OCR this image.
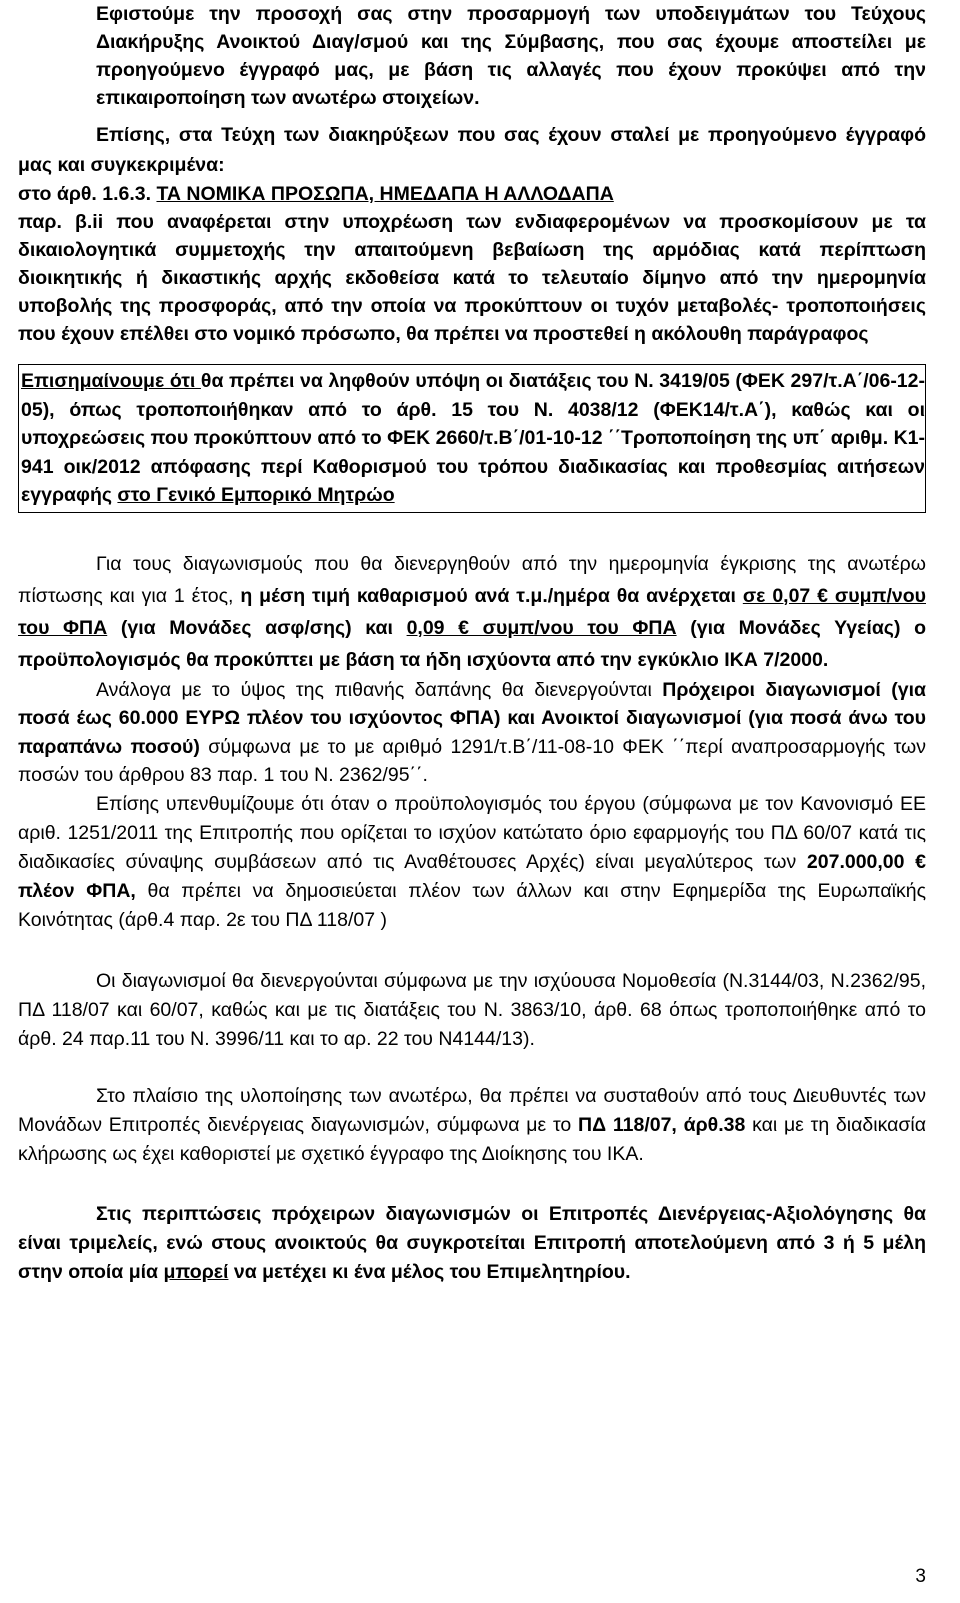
Εφιστούμε την προσοχή σας στην προσαρμογή των υποδειγμάτων του Τεύχους Διακήρυξης Ανοικτού Διαγ/σμού και της Σύμβασης, που σας έχουμε αποστείλει με προηγούμενο έγγραφό μας, με βάση τις αλλαγές που έχουν προκύψει από την επικαιροποίηση των ανωτέρω στοιχείων.

Επίσης, στα Τεύχη των διακηρύξεων που σας έχουν σταλεί με προηγούμενο έγγραφό μας και συγκεκριμένα:

στο άρθ. 1.6.3. ΤΑ ΝΟΜΙΚΑ ΠΡΟΣΩΠΑ, ΗΜΕΔΑΠΑ Η ΑΛΛΟΔΑΠΑ

παρ. β.ii που αναφέρεται στην υποχρέωση των ενδιαφερομένων να προσκομίσουν με τα δικαιολογητικά συμμετοχής την απαιτούμενη βεβαίωση της αρμόδιας κατά περίπτωση διοικητικής ή δικαστικής αρχής εκδοθείσα κατά το τελευταίο δίμηνο από την ημερομηνία υποβολής της προσφοράς, από την οποία να προκύπτουν οι τυχόν μεταβολές- τροποποιήσεις που έχουν επέλθει στο νομικό πρόσωπο, θα πρέπει να προστεθεί η ακόλουθη παράγραφος

Επισημαίνουμε ότι θα πρέπει να ληφθούν υπόψη οι διατάξεις του Ν. 3419/05 (ΦΕΚ 297/τ.Α΄/06-12-05), όπως τροποποιήθηκαν από το άρθ. 15 του Ν. 4038/12 (ΦΕΚ14/τ.Α΄), καθώς και οι υποχρεώσεις που προκύπτουν από το ΦΕΚ 2660/τ.Β΄/01-10-12 ΄΄Τροποποίηση της υπ΄ αριθμ. Κ1-941 οικ/2012 απόφασης περί Καθορισμού του τρόπου διαδικασίας και προθεσμίας αιτήσεων εγγραφής στο Γενικό Εμπορικό Μητρώο

Για τους διαγωνισμούς που θα διενεργηθούν από την ημερομηνία έγκρισης της ανωτέρω πίστωσης και για 1 έτος, η μέση τιμή καθαρισμού ανά τ.μ./ημέρα θα ανέρχεται σε 0,07 € συμπ/νου του ΦΠΑ (για Μονάδες ασφ/σης) και 0,09 € συμπ/νου του ΦΠΑ (για Μονάδες Υγείας) ο προϋπολογισμός θα προκύπτει με βάση τα ήδη ισχύοντα από την εγκύκλιο ΙΚΑ 7/2000.

Ανάλογα με το ύψος της πιθανής δαπάνης θα διενεργούνται Πρόχειροι διαγωνισμοί (για ποσά έως 60.000 ΕΥΡΩ πλέον του ισχύοντος ΦΠΑ) και Ανοικτοί διαγωνισμοί (για ποσά άνω του παραπάνω ποσού) σύμφωνα με το με αριθμό 1291/τ.Β΄/11-08-10 ΦΕΚ ΄΄περί αναπροσαρμογής των ποσών του άρθρου 83 παρ. 1 του Ν. 2362/95΄΄.

Επίσης υπενθυμίζουμε ότι όταν ο προϋπολογισμός του έργου (σύμφωνα με τον Κανονισμό ΕΕ αριθ. 1251/2011 της Επιτροπής που ορίζεται το ισχύον κατώτατο όριο εφαρμογής του ΠΔ 60/07 κατά τις διαδικασίες σύναψης συμβάσεων από τις Αναθέτουσες Αρχές) είναι μεγαλύτερος των 207.000,00 € πλέον ΦΠΑ, θα πρέπει να δημοσιεύεται πλέον των άλλων και στην Εφημερίδα της Ευρωπαϊκής Κοινότητας (άρθ.4 παρ. 2ε του ΠΔ 118/07 )

Οι διαγωνισμοί θα διενεργούνται σύμφωνα με την ισχύουσα Νομοθεσία (Ν.3144/03, Ν.2362/95, ΠΔ 118/07 και 60/07, καθώς και με τις διατάξεις του Ν. 3863/10, άρθ. 68 όπως τροποποιήθηκε από το άρθ. 24 παρ.11 του Ν. 3996/11 και το αρ. 22 του Ν4144/13).

Στο πλαίσιο της υλοποίησης των ανωτέρω, θα πρέπει να συσταθούν από τους Διευθυντές των Μονάδων Επιτροπές διενέργειας διαγωνισμών, σύμφωνα με το ΠΔ 118/07, άρθ.38 και με τη διαδικασία κλήρωσης ως έχει καθοριστεί με σχετικό έγγραφο της Διοίκησης του ΙΚΑ.

Στις περιπτώσεις πρόχειρων διαγωνισμών οι Επιτροπές Διενέργειας-Αξιολόγησης θα είναι τριμελείς, ενώ στους ανοικτούς θα συγκροτείται Επιτροπή αποτελούμενη από 3 ή 5 μέλη στην οποία μία μπορεί να μετέχει κι ένα μέλος του Επιμελητηρίου.

3
